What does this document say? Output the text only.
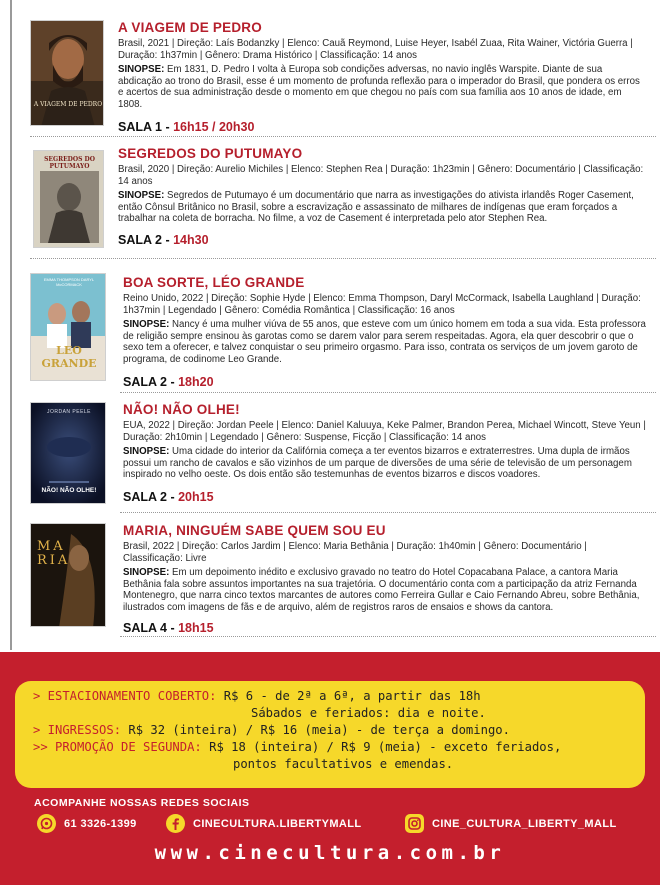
A VIAGEM DE PEDRO
A VIAGEM DE PEDRO
Brasil, 2021 | Direção: Laís Bodanzky | Elenco: Cauã Reymond, Luise Heyer, Isabél Zuaa, Rita Wainer, Victória Guerra | Duração: 1h37min | Gênero: Drama Histórico | Classificação: 14 anos
SINOPSE: Em 1831, D. Pedro I volta à Europa sob condições adversas, no navio inglês Warspite. Diante de sua abdicação ao trono do Brasil, esse é um momento de profunda reflexão para o imperador do Brasil, que pondera os erros e acertos de sua administração desde o momento em que chegou no país com sua família aos 10 anos de idade, em 1808.
SALA 1 - 16h15 / 20h30
SEGREDOS DO PUTUMAYO
SEGREDOS DO PUTUMAYO
Brasil, 2020 | Direção: Aurelio Michiles | Elenco: Stephen Rea | Duração: 1h23min | Gênero: Documentário | Classificação: 14 anos
SINOPSE: Segredos de Putumayo é um documentário que narra as investigações do ativista irlandês Roger Casement, então Cônsul Britânico no Brasil, sobre a escravização e assassinato de milhares de indígenas que eram forçados a trabalhar na coleta de borracha. No filme, a voz de Casement é interpretada pelo ator Stephen Rea.
SALA 2 - 14h30
EMMA THOMPSON DARYL McCORMACK
LEO GRANDE
BOA SORTE, LÉO GRANDE
Reino Unido, 2022 | Direção: Sophie Hyde | Elenco: Emma Thompson, Daryl McCormack, Isabella Laughland | Duração: 1h37min | Legendado | Gênero: Comédia Romântica | Classificação: 16 anos
SINOPSE: Nancy é uma mulher viúva de 55 anos, que esteve com um único homem em toda a sua vida. Esta professora de religião sempre ensinou às garotas como se darem valor para serem respeitadas. Agora, ela quer descobrir o que o sexo tem a oferecer, e talvez conquistar o seu primeiro orgasmo. Para isso, contrata os serviços de um jovem garoto de programa, de codinome Leo Grande.
SALA 2 - 18h20
JORDAN PEELE
NÃO! NÃO OLHE!
NÃO! NÃO OLHE!
EUA, 2022 | Direção: Jordan Peele | Elenco: Daniel Kaluuya, Keke Palmer, Brandon Perea, Michael Wincott, Steve Yeun | Duração: 2h10min | Legendado | Gênero: Suspense, Ficção | Classificação: 14 anos
SINOPSE: Uma cidade do interior da Califórnia começa a ter eventos bizarros e extraterrestres. Uma dupla de irmãos possui um rancho de cavalos e são vizinhos de um parque de diversões de uma série de televisão de um personagem inspirado no velho oeste. Os dois então são testemunhas de eventos bizarros e discos voadores.
SALA 2 - 20h15
MARIA
MARIA, NINGUÉM SABE QUEM SOU EU
Brasil, 2022 | Direção: Carlos Jardim | Elenco: Maria Bethânia | Duração: 1h40min | Gênero: Documentário | Classificação: Livre
SINOPSE: Em um depoimento inédito e exclusivo gravado no teatro do Hotel Copacabana Palace, a cantora Maria Bethânia fala sobre assuntos importantes na sua trajetória. O documentário conta com a participação da atriz Fernanda Montenegro, que narra cinco textos marcantes de autores como Ferreira Gullar e Caio Fernando Abreu, sobre Bethânia, ilustrados com imagens de fãs e de arquivo, além de registros raros de ensaios e shows da cantora.
SALA 4 - 18h15
> ESTACIONAMENTO COBERTO: R$ 6 - de 2ª a 6ª, a partir das 18h
Sábados e feriados: dia e noite.
> INGRESSOS: R$ 32 (inteira) / R$ 16 (meia) - de terça a domingo.
>> PROMOÇÃO DE SEGUNDA: R$ 18 (inteira) / R$ 9 (meia) - exceto feriados,
pontos facultativos e emendas.
ACOMPANHE NOSSAS REDES SOCIAIS
61 3326-1399	CINECULTURA.LIBERTYMALL	CINE_CULTURA_LIBERTY_MALL
www.cinecultura.com.br
